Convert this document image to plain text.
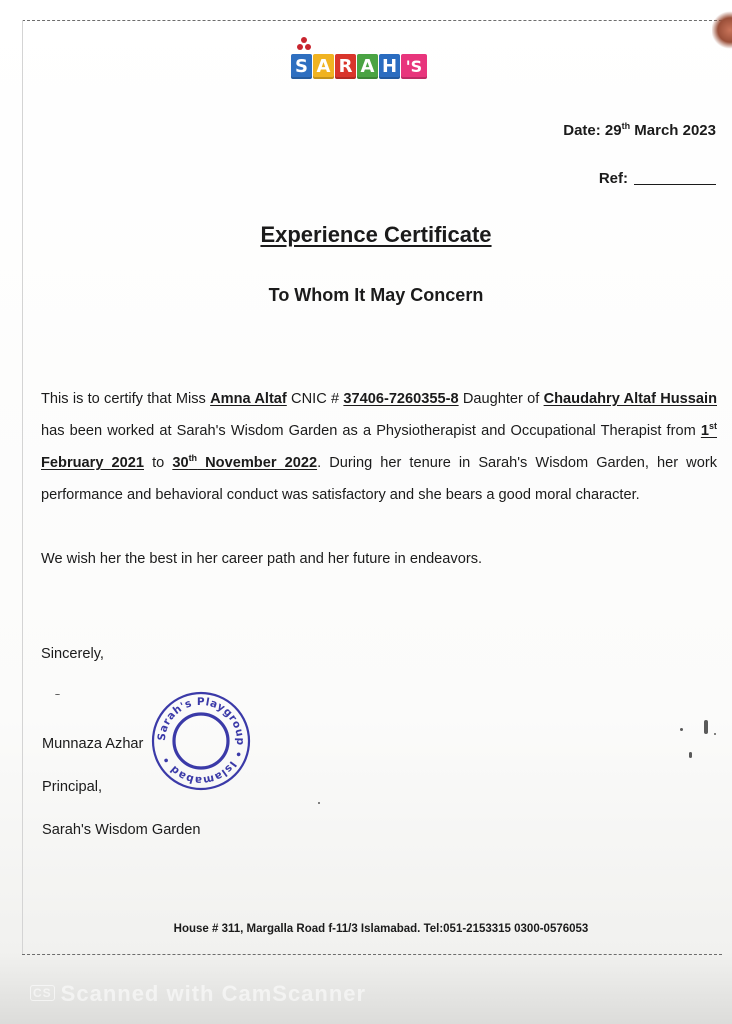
S A R A H 'S
Date: 29th March 2023
Ref:
Experience Certificate
To Whom It May Concern
This is to certify that Miss Amna Altaf CNIC # 37406-7260355-8 Daughter of Chaudahry Altaf Hussain has been worked at Sarah's Wisdom Garden as a Physiotherapist and Occupational Therapist from 1st February 2021 to 30th November 2022. During her tenure in Sarah's Wisdom Garden, her work performance and behavioral conduct was satisfactory and she bears a good moral character.
We wish her the best in her career path and her future in endeavors.
Sincerely,
Munnaza Azhar
Principal,
Sarah's Wisdom Garden
Sarah's Playgroup • Islamabad •
House # 311, Margalla Road f-11/3 Islamabad. Tel:051-2153315 0300-0576053
CS Scanned with CamScanner
